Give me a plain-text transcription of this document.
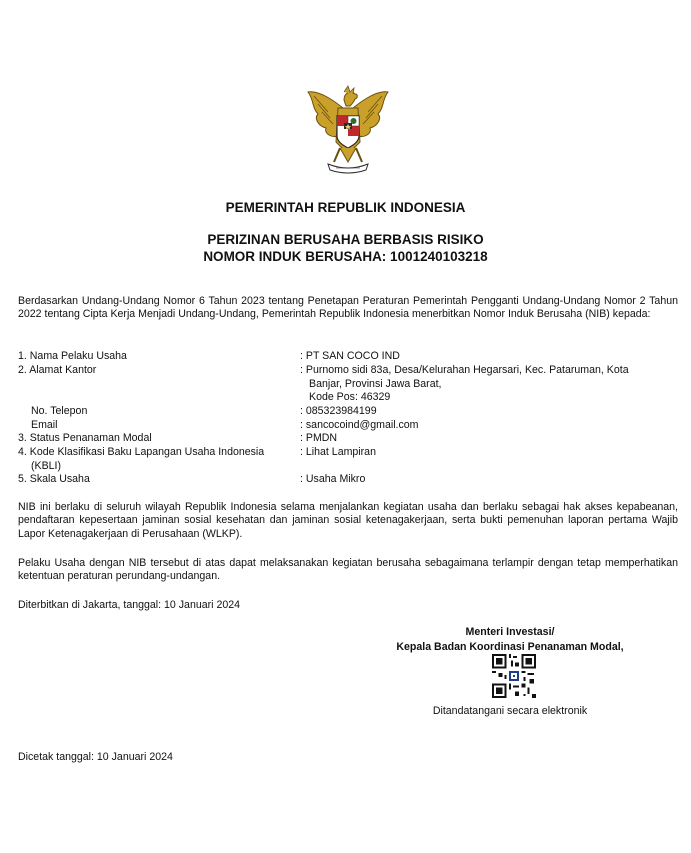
PEMERINTAH REPUBLIK INDONESIA
PERIZINAN BERUSAHA BERBASIS RISIKO
NOMOR INDUK BERUSAHA: 1001240103218
Berdasarkan Undang-Undang Nomor 6 Tahun 2023 tentang Penetapan Peraturan Pemerintah Pengganti Undang-Undang Nomor 2 Tahun 2022 tentang Cipta Kerja Menjadi Undang-Undang, Pemerintah Republik Indonesia menerbitkan Nomor Induk Berusaha (NIB) kepada:
1. Nama Pelaku Usaha	: PT SAN COCO IND
2. Alamat Kantor	: Purnomo sidi 83a, Desa/Kelurahan Hegarsari, Kec. Pataruman, Kota
Banjar, Provinsi Jawa Barat,
Kode Pos: 46329
No. Telepon	: 085323984199
Email	: sancocoind@gmail.com
3. Status Penanaman Modal	: PMDN
4. Kode Klasifikasi Baku Lapangan Usaha Indonesia	: Lihat Lampiran
(KBLI)
5. Skala Usaha	: Usaha Mikro
NIB ini berlaku di seluruh wilayah Republik Indonesia selama menjalankan kegiatan usaha dan berlaku sebagai hak akses kepabeanan, pendaftaran kepesertaan jaminan sosial kesehatan dan jaminan sosial ketenagakerjaan, serta bukti pemenuhan laporan pertama Wajib Lapor Ketenagakerjaan di Perusahaan (WLKP).
Pelaku Usaha dengan NIB tersebut di atas dapat melaksanakan kegiatan berusaha sebagaimana terlampir dengan tetap memperhatikan ketentuan peraturan perundang-undangan.
Diterbitkan di Jakarta, tanggal: 10 Januari 2024
Menteri Investasi/
Kepala Badan Koordinasi Penanaman Modal,
Ditandatangani secara elektronik
Dicetak tanggal: 10 Januari 2024
